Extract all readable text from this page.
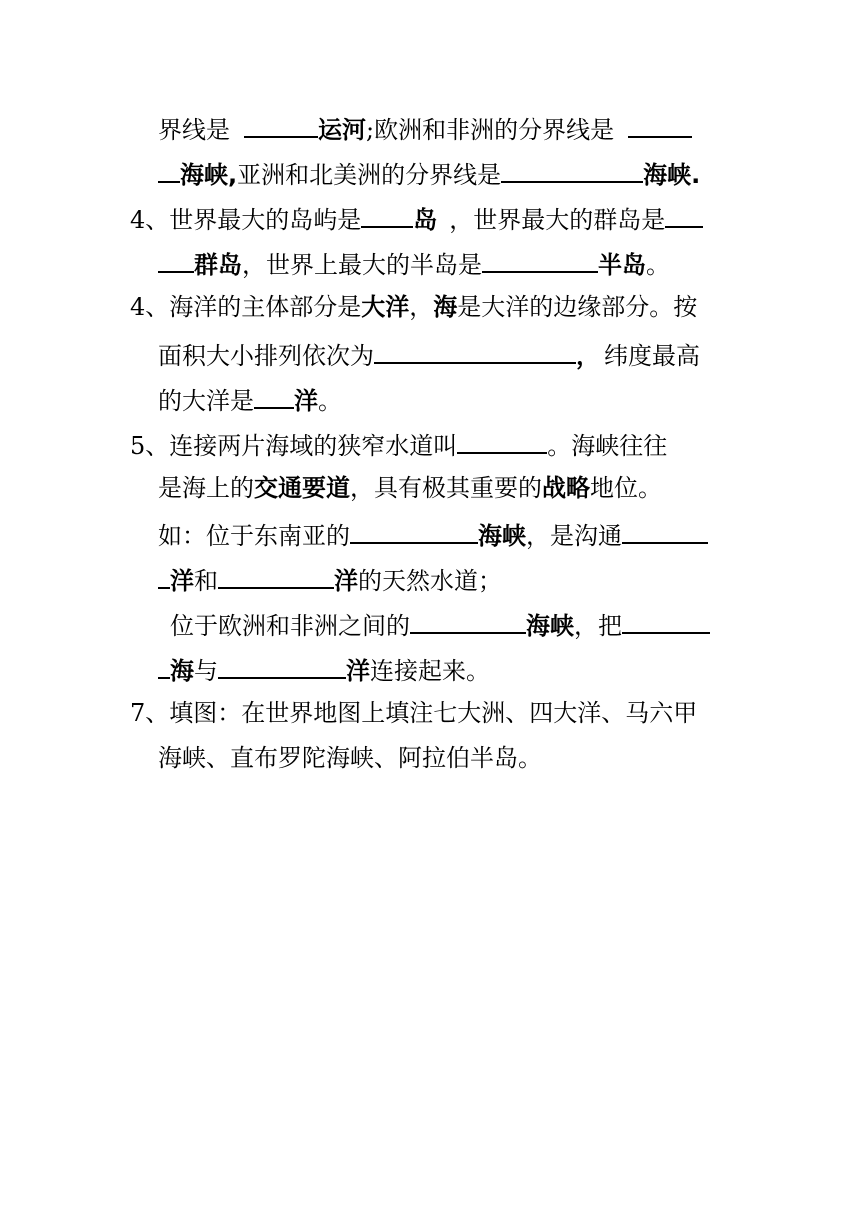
界线是	运河;欧洲和非洲的分界线是
海峡,亚洲和北美洲的分界线是	海峡.
4、世界最大的岛屿是 岛 ，世界最大的群岛是
群岛，世界上最大的半岛是	半岛。
4、海洋的主体部分是大洋，海是大洋的边缘部分。按
面积大小排列依次为	， 纬度最高
的大洋是 洋。
5、连接两片海域的狭窄水道叫	。海峡往往
是海上的交通要道，具有极其重要的战略地位。
如：位于东南亚的	海峡，是沟通
洋和	洋的天然水道；
位于欧洲和非洲之间的	海峡，把
海与	洋连接起来。
7、填图：在世界地图上填注七大洲、四大洋、马六甲
海峡、直布罗陀海峡、阿拉伯半岛。
